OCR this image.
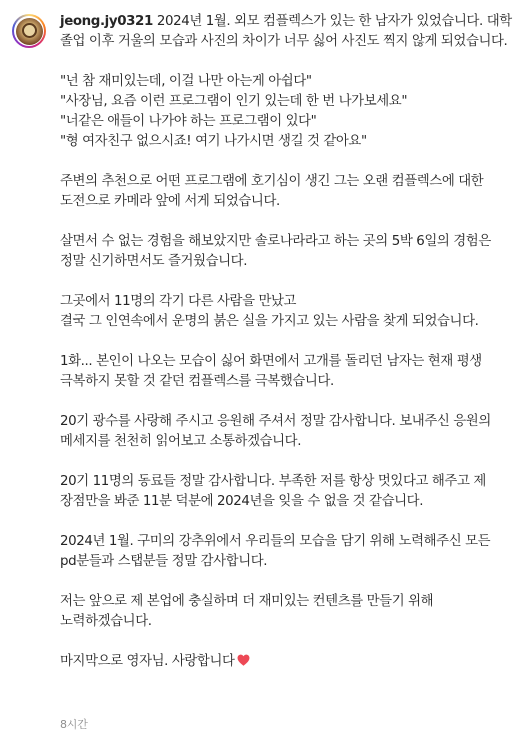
jeong.jy0321 2024년 1월. 외모 컴플렉스가 있는 한 남자가 있었습니다. 대학 졸업 이후 거울의 모습과 사진의 차이가 너무 싫어 사진도 찍지 않게 되었습니다.

"넌 참 재미있는데, 이걸 나만 아는게 아쉽다"
"사장님, 요즘 이런 프로그램이 인기 있는데 한 번 나가보세요"
"너같은 애들이 나가야 하는 프로그램이 있다"
"형 여자친구 없으시죠! 여기 나가시면 생길 것 같아요"

주변의 추천으로 어떤 프로그램에 호기심이 생긴 그는 오랜 컴플렉스에 대한 도전으로 카메라 앞에 서게 되었습니다.

살면서 수 없는 경험을 해보았지만 솔로나라라고 하는 곳의 5박 6일의 경험은 정말 신기하면서도 즐거웠습니다.

그곳에서 11명의 각기 다른 사람을 만났고
결국 그 인연속에서 운명의 붉은 실을 가지고 있는 사람을 찾게 되었습니다.

1화... 본인이 나오는 모습이 싫어 화면에서 고개를 돌리던 남자는 현재 평생 극복하지 못할 것 같던 컴플렉스를 극복했습니다.

20기 광수를 사랑해 주시고 응원해 주셔서 정말 감사합니다. 보내주신 응원의 메세지를 천천히 읽어보고 소통하겠습니다.

20기 11명의 동료들 정말 감사합니다. 부족한 저를 항상 멋있다고 해주고 제 장점만을 봐준 11분 덕분에 2024년을 잊을 수 없을 것 같습니다.

2024년 1월. 구미의 강추위에서 우리들의 모습을 담기 위해 노력해주신 모든 pd분들과 스탭분들 정말 감사합니다.

저는 앞으로 제 본업에 충실하며 더 재미있는 컨텐츠를 만들기 위해 노력하겠습니다.

마지막으로 영자님. 사랑합니다

8시간
